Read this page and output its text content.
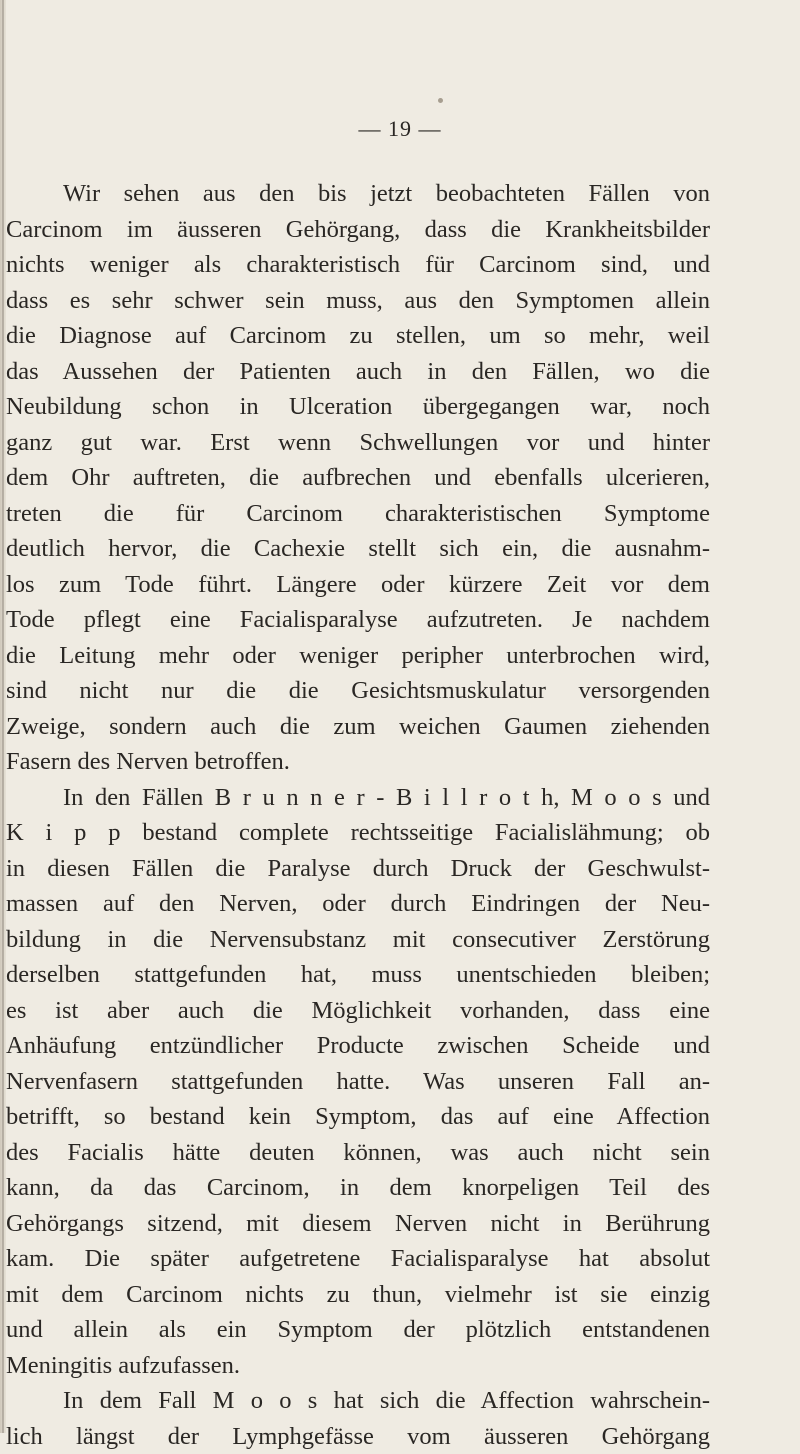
— 19 —
Wir sehen aus den bis jetzt beobachteten Fällen von
Carcinom im äusseren Gehörgang, dass die Krankheitsbilder
nichts weniger als charakteristisch für Carcinom sind, und
dass es sehr schwer sein muss, aus den Symptomen allein
die Diagnose auf Carcinom zu stellen, um so mehr, weil
das Aussehen der Patienten auch in den Fällen, wo die
Neubildung schon in Ulceration übergegangen war, noch
ganz gut war. Erst wenn Schwellungen vor und hinter
dem Ohr auftreten, die aufbrechen und ebenfalls ulcerieren,
treten die für Carcinom charakteristischen Symptome
deutlich hervor, die Cachexie stellt sich ein, die ausnahm-
los zum Tode führt. Längere oder kürzere Zeit vor dem
Tode pflegt eine Facialisparalyse aufzutreten. Je nachdem
die Leitung mehr oder weniger peripher unterbrochen wird,
sind nicht nur die die Gesichtsmuskulatur versorgenden
Zweige, sondern auch die zum weichen Gaumen ziehenden
Fasern des Nerven betroffen.
In den Fällen B r u n n e r - B i l l r o t h, M o o s und
K i p p bestand complete rechtsseitige Facialislähmung; ob
in diesen Fällen die Paralyse durch Druck der Geschwulst-
massen auf den Nerven, oder durch Eindringen der Neu-
bildung in die Nervensubstanz mit consecutiver Zerstörung
derselben stattgefunden hat, muss unentschieden bleiben;
es ist aber auch die Möglichkeit vorhanden, dass eine
Anhäufung entzündlicher Producte zwischen Scheide und
Nervenfasern stattgefunden hatte. Was unseren Fall an-
betrifft, so bestand kein Symptom, das auf eine Affection
des Facialis hätte deuten können, was auch nicht sein
kann, da das Carcinom, in dem knorpeligen Teil des
Gehörgangs sitzend, mit diesem Nerven nicht in Berührung
kam. Die später aufgetretene Facialisparalyse hat absolut
mit dem Carcinom nichts zu thun, vielmehr ist sie einzig
und allein als ein Symptom der plötzlich entstandenen
Meningitis aufzufassen.
In dem Fall M o o s hat sich die Affection wahrschein-
lich längst der Lymphgefässe vom äusseren Gehörgang
